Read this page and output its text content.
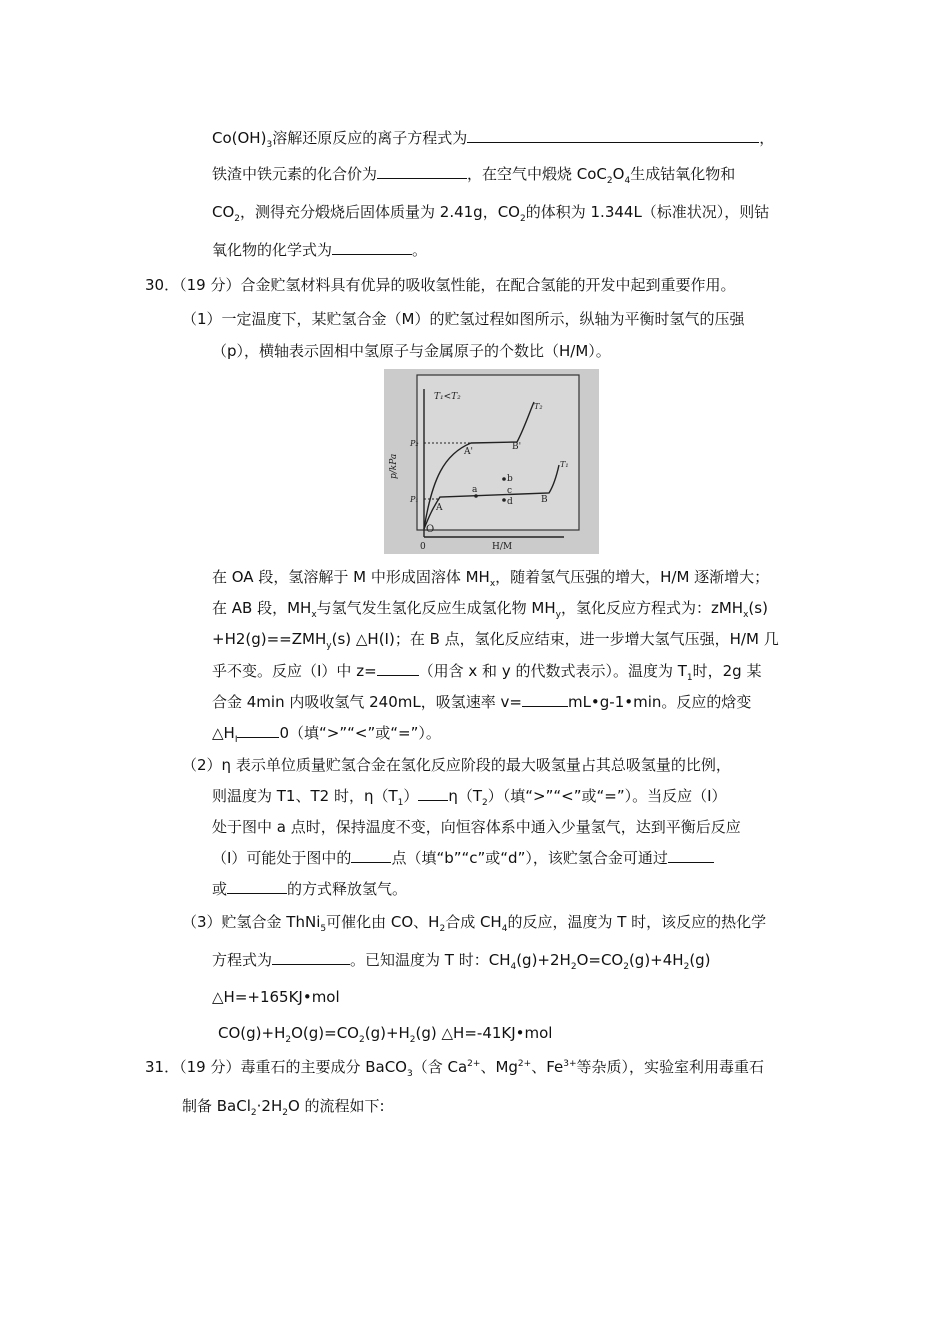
$Co(OH)_3$溶解还原反应的离子方程式为	，
铁渣中铁元素的化合价为	，在空气中煅烧 $CoC_2O_4$生成钴氧化物和
$CO_2$，测得充分煅烧后固体质量为 2.41g，$CO_2$的体积为 1.344L（标准状况），则钴
氧化物的化学式为	。
30．（19 分）合金贮氢材料具有优异的吸收氢性能，在配合氢能的开发中起到重要作用。
（1）一定温度下，某贮氢合金（M）的贮氢过程如图所示，纵轴为平衡时氢气的压强
（p），横轴表示固相中氢原子与金属原子的个数比（H/M）。
T₁<T₂
p/kPa
H/M
0
O
A
A'
B
B'
T₁
T₂
P₁
P₂
a
b
c
d
在 OA 段，氢溶解于 M 中形成固溶体 $MH_x$，随着氢气压强的增大，H/M 逐渐增大；
在 AB 段，$MH_x$与氢气发生氢化反应生成氢化物 $MH_y$，氢化反应方程式为：zMH$_x$(s)
$+H2(g)==ZMH_y(s)$ △H(Ⅰ)；在 B 点，氢化反应结束，进一步增大氢气压强，H/M 几
乎不变。反应（Ⅰ）中 z=	（用含 x 和 y 的代数式表示）。温度为 $T_1$时，2g 某
合金 4min 内吸收氢气 240mL，吸氢速率 v=	mL•g-1•min。反应的焓变
$\triangle H_I$	0（填“>”“<”或“=”）。
（2）η 表示单位质量贮氢合金在氢化反应阶段的最大吸氢量占其总吸氢量的比例，
则温度为 T1、T2 时，$\eta(T_1)$ $\eta(T_2)$（填“>”“<”或“=”）。当反应（Ⅰ）
处于图中 a 点时，保持温度不变，向恒容体系中通入少量氢气，达到平衡后反应
（Ⅰ）可能处于图中的	点（填“b”“c”或“d”），该贮氢合金可通过
或	的方式释放氢气。
（3）贮氢合金 ThNi$_5$可催化由 CO、$H_2$合成 $CH_4$的反应，温度为 T 时，该反应的热化学
方程式为	。已知温度为 T 时：$CH_4(g)+2H_2O=CO_2(g)+4H_2(g)$
△H=+165KJ•mol
$CO(g)+H_2O(g)=CO_2(g)+H_2(g)$ △H=-41KJ•mol
31．（19 分）毒重石的主要成分 BaCO$_3$（含 $Ca^{2+}$、$Mg^{2+}$、$Fe^{3+}$等杂质），实验室利用毒重石
制备 $BaCl_2\cdot 2H_2O$ 的流程如下:
